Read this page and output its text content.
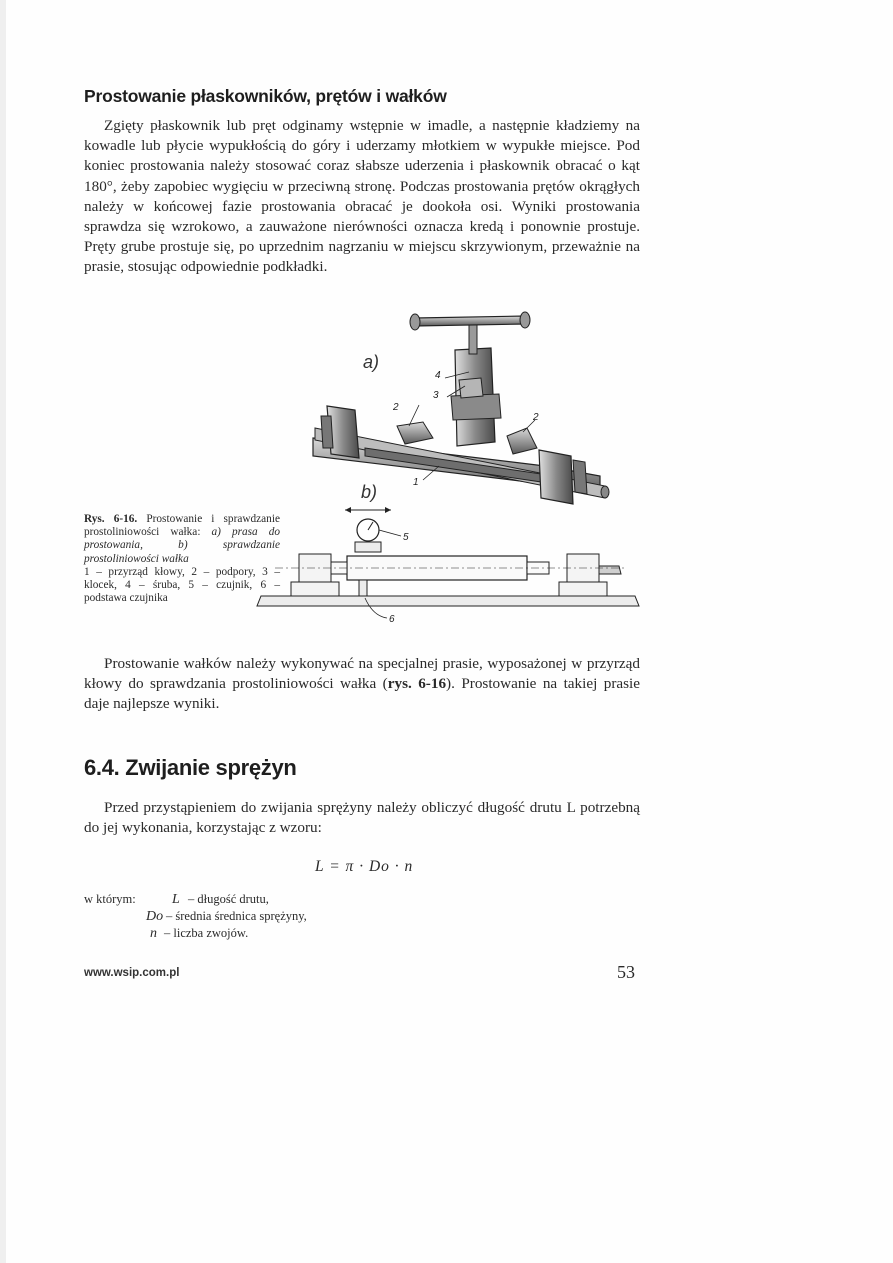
Prostowanie płaskowników, prętów i wałków

Zgięty płaskownik lub pręt odginamy wstępnie w imadle, a następnie kładziemy na kowadle lub płycie wypukłością do góry i uderzamy młotkiem w wypukłe miejsce. Pod koniec prostowania należy stosować coraz słabsze uderzenia i płaskownik obracać o kąt 180°, żeby zapobiec wygięciu w przeciwną stronę. Podczas prostowania prętów okrągłych należy w końcowej fazie prostowania obracać je dookoła osi. Wyniki prostowania sprawdza się wzrokowo, a zauważone nierówności oznacza kredą i ponownie prostuje. Pręty grube prostuje się, po uprzednim nagrzaniu w miejscu skrzywionym, przeważnie na prasie, stosując odpowiednie podkładki.

2
2
3
4
1
5
6
a)
b)

Rys. 6-16. Prostowanie i sprawdzanie prostoliniowości wałka: a) prasa do prostowania, b) sprawdzanie prostoliniowości wałka
1 – przyrząd kłowy, 2 – podpory, 3 – klocek, 4 – śruba, 5 – czujnik, 6 – podstawa czujnika

Prostowanie wałków należy wykonywać na specjalnej prasie, wyposażonej w przyrząd kłowy do sprawdzania prostoliniowości wałka (rys. 6-16). Prostowanie na takiej prasie daje najlepsze wyniki.

6.4. Zwijanie sprężyn

Przed przystąpieniem do zwijania sprężyny należy obliczyć długość drutu L potrzebną do jej wykonania, korzystając z wzoru:

L = π · Do · n

w którym:	L – długość drutu,
Do – średnia średnica sprężyny,
n – liczba zwojów.

www.wsip.com.pl	53
